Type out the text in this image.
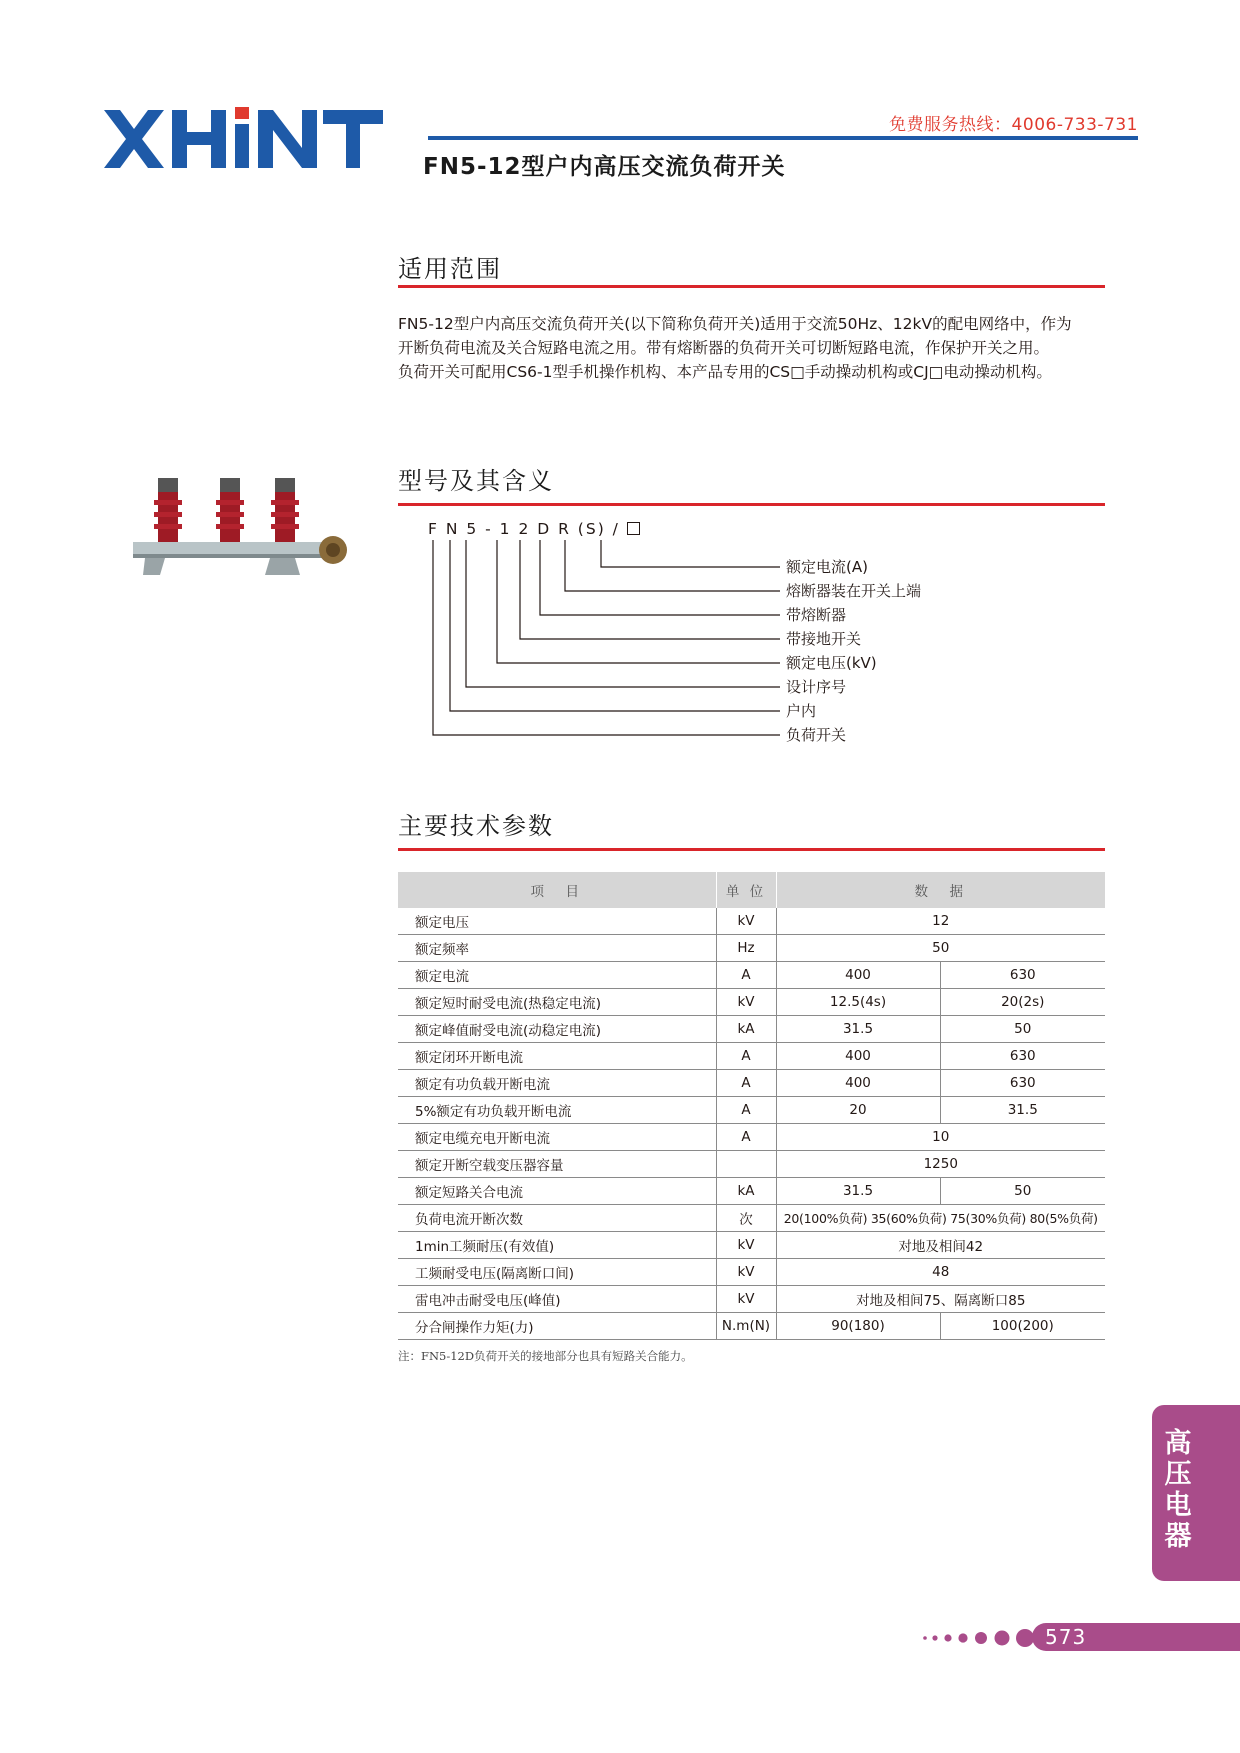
免费服务热线：4006-733-731
FN5-12型户内高压交流负荷开关
适用范围

FN5-12型户内高压交流负荷开关(以下简称负荷开关)适用于交流50Hz、12kV的配电网络中，作为

开断负荷电流及关合短路电流之用。带有熔断器的负荷开关可切断短路电流，作保护开关之用。

负荷开关可配用CS6-1型手机操作机构、本产品专用的CS□手动操动机构或CJ□电动操动机构。

型号及其含义
F N 5 - 1 2 D R (S) /
额定电流(A)
熔断器装在开关上端
带熔断器
带接地开关
额定电压(kV)
设计序号
户内
负荷开关
主要技术参数
项　目	单 位	数　据	
额定电压	kV	12	
额定频率	Hz	50	
额定电流	A	400	630
额定短时耐受电流(热稳定电流)	kV	12.5(4s)	20(2s)
额定峰值耐受电流(动稳定电流)	kA	31.5	50
额定闭环开断电流	A	400	630
额定有功负载开断电流	A	400	630
5%额定有功负载开断电流	A	20	31.5
额定电缆充电开断电流	A	10	
额定开断空载变压器容量		1250	
额定短路关合电流	kA	31.5	50
负荷电流开断次数	次	20(100%负荷) 35(60%负荷) 75(30%负荷) 80(5%负荷)	
1min工频耐压(有效值)	kV	对地及相间42	
工频耐受电压(隔离断口间)	kV	48	
雷电冲击耐受电压(峰值)	kV	对地及相间75、隔离断口85	
分合闸操作力矩(力)	N.m(N)	90(180)	100(200)
注：FN5-12D负荷开关的接地部分也具有短路关合能力。
高压电器
573
